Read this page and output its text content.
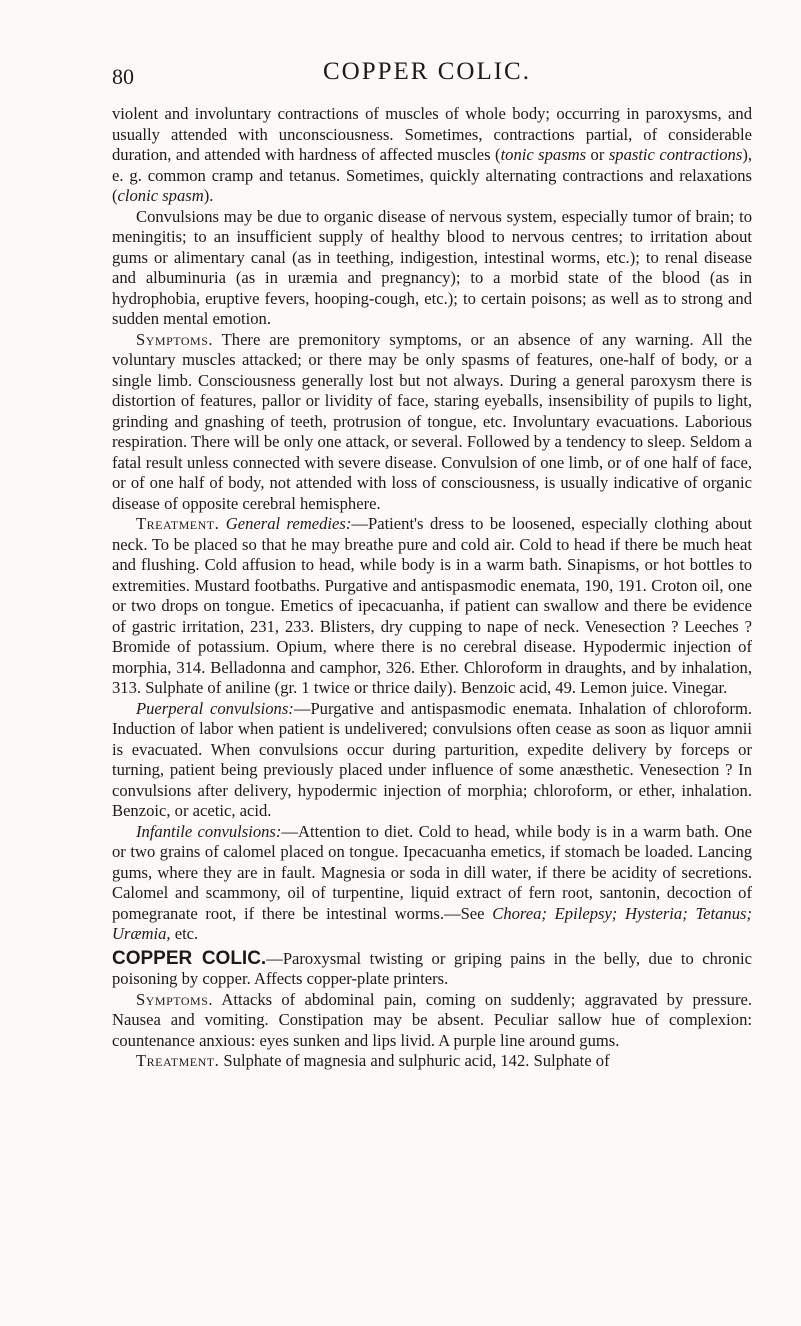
80	COPPER COLIC.

violent and involuntary contractions of muscles of whole body; occurring in paroxysms, and usually attended with unconsciousness. Sometimes, contractions partial, of considerable duration, and attended with hardness of affected muscles (tonic spasms or spastic contractions), e. g. common cramp and tetanus. Sometimes, quickly alternating contractions and relaxations (clonic spasm).

Convulsions may be due to organic disease of nervous system, especially tumor of brain; to meningitis; to an insufficient supply of healthy blood to nervous centres; to irritation about gums or alimentary canal (as in teething, indigestion, intestinal worms, etc.); to renal disease and albuminuria (as in uræmia and pregnancy); to a morbid state of the blood (as in hydrophobia, eruptive fevers, hooping-cough, etc.); to certain poisons; as well as to strong and sudden mental emotion.

Symptoms. There are premonitory symptoms, or an absence of any warning. All the voluntary muscles attacked; or there may be only spasms of features, one-half of body, or a single limb. Consciousness generally lost but not always. During a general paroxysm there is distortion of features, pallor or lividity of face, staring eyeballs, insensibility of pupils to light, grinding and gnashing of teeth, protrusion of tongue, etc. Involuntary evacuations. Laborious respiration. There will be only one attack, or several. Followed by a tendency to sleep. Seldom a fatal result unless connected with severe disease. Convulsion of one limb, or of one half of face, or of one half of body, not attended with loss of consciousness, is usually indicative of organic disease of opposite cerebral hemisphere.

Treatment. General remedies:—Patient's dress to be loosened, especially clothing about neck. To be placed so that he may breathe pure and cold air. Cold to head if there be much heat and flushing. Cold affusion to head, while body is in a warm bath. Sinapisms, or hot bottles to extremities. Mustard footbaths. Purgative and antispasmodic enemata, 190, 191. Croton oil, one or two drops on tongue. Emetics of ipecacuanha, if patient can swallow and there be evidence of gastric irritation, 231, 233. Blisters, dry cupping to nape of neck. Venesection ? Leeches ? Bromide of potassium. Opium, where there is no cerebral disease. Hypodermic injection of morphia, 314. Belladonna and camphor, 326. Ether. Chloroform in draughts, and by inhalation, 313. Sulphate of aniline (gr. 1 twice or thrice daily). Benzoic acid, 49. Lemon juice. Vinegar.

Puerperal convulsions:—Purgative and antispasmodic enemata. Inhalation of chloroform. Induction of labor when patient is undelivered; convulsions often cease as soon as liquor amnii is evacuated. When convulsions occur during parturition, expedite delivery by forceps or turning, patient being previously placed under influence of some anæsthetic. Venesection ? In convulsions after delivery, hypodermic injection of morphia; chloroform, or ether, inhalation. Benzoic, or acetic, acid.

Infantile convulsions:—Attention to diet. Cold to head, while body is in a warm bath. One or two grains of calomel placed on tongue. Ipecacuanha emetics, if stomach be loaded. Lancing gums, where they are in fault. Magnesia or soda in dill water, if there be acidity of secretions. Calomel and scammony, oil of turpentine, liquid extract of fern root, santonin, decoction of pomegranate root, if there be intestinal worms.—See Chorea; Epilepsy; Hysteria; Tetanus; Uræmia, etc.

COPPER COLIC.—Paroxysmal twisting or griping pains in the belly, due to chronic poisoning by copper. Affects copper-plate printers.

Symptoms. Attacks of abdominal pain, coming on suddenly; aggravated by pressure. Nausea and vomiting. Constipation may be absent. Peculiar sallow hue of complexion: countenance anxious: eyes sunken and lips livid. A purple line around gums.

Treatment. Sulphate of magnesia and sulphuric acid, 142. Sulphate of
